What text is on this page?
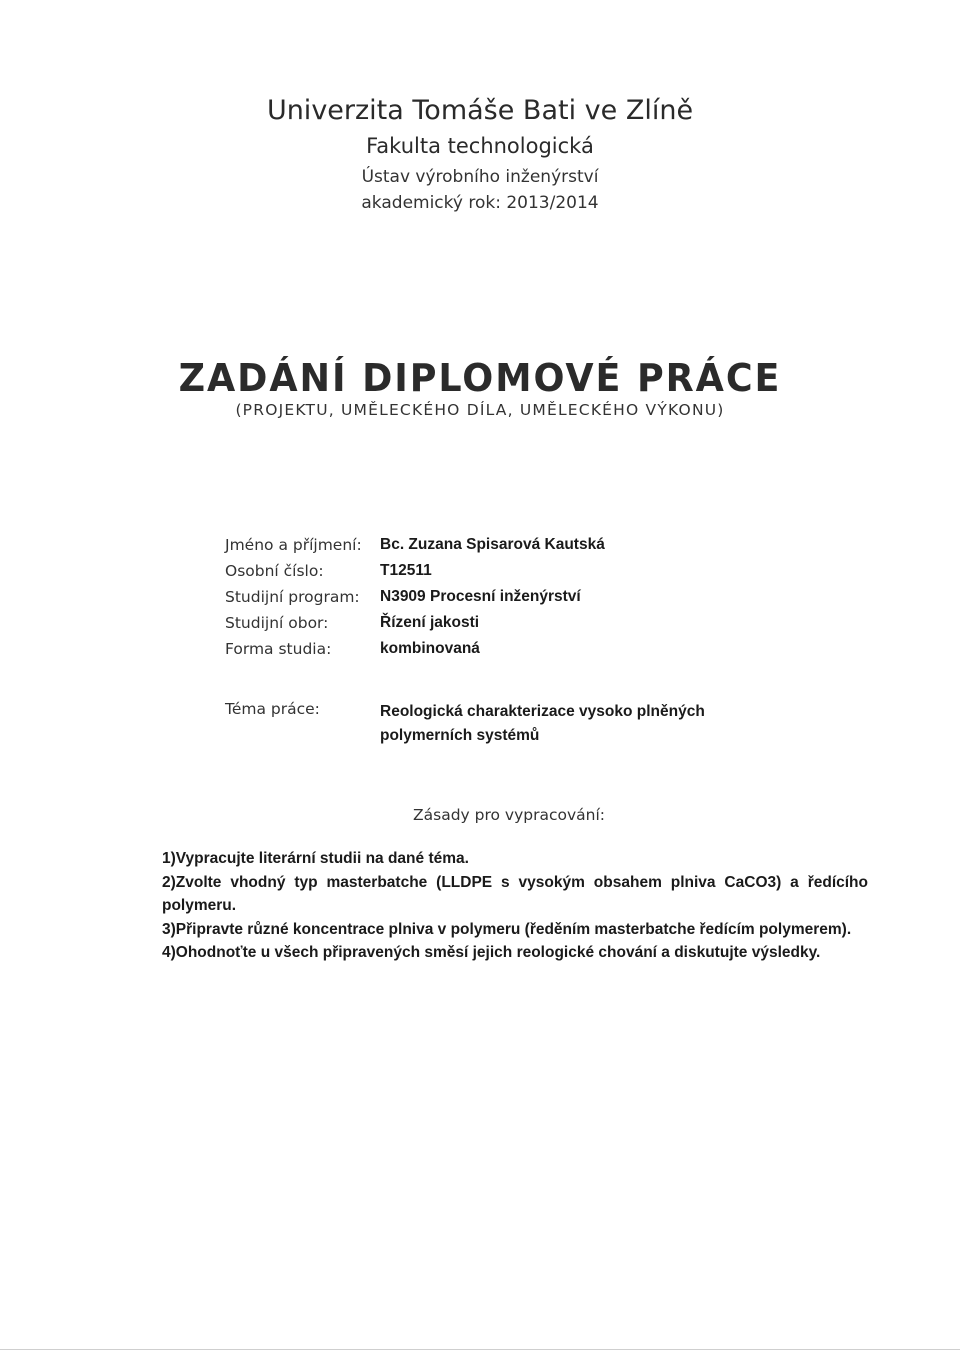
Univerzita Tomáše Bati ve Zlíně
Fakulta technologická
Ústav výrobního inženýrství
akademický rok: 2013/2014
ZADÁNÍ DIPLOMOVÉ PRÁCE
(PROJEKTU, UMĚLECKÉHO DÍLA, UMĚLECKÉHO VÝKONU)
Jméno a příjmení: Bc. Zuzana Spisarová Kautská
Osobní číslo:	T12511
Studijní program: N3909 Procesní inženýrství
Studijní obor:	Řízení jakosti
Forma studia:	kombinovaná
Téma práce:	Reologická charakterizace vysoko plněných
polymerních systémů
Zásady pro vypracování:

1)Vypracujte literární studii na dané téma.

2)Zvolte vhodný typ masterbatche (LLDPE s vysokým obsahem plniva CaCO3) a ředícího polymeru.

3)Připravte různé koncentrace plniva v polymeru (ředěním masterbatche ředícím polymerem).

4)Ohodnoťte u všech připravených směsí jejich reologické chování a diskutujte výsledky.
